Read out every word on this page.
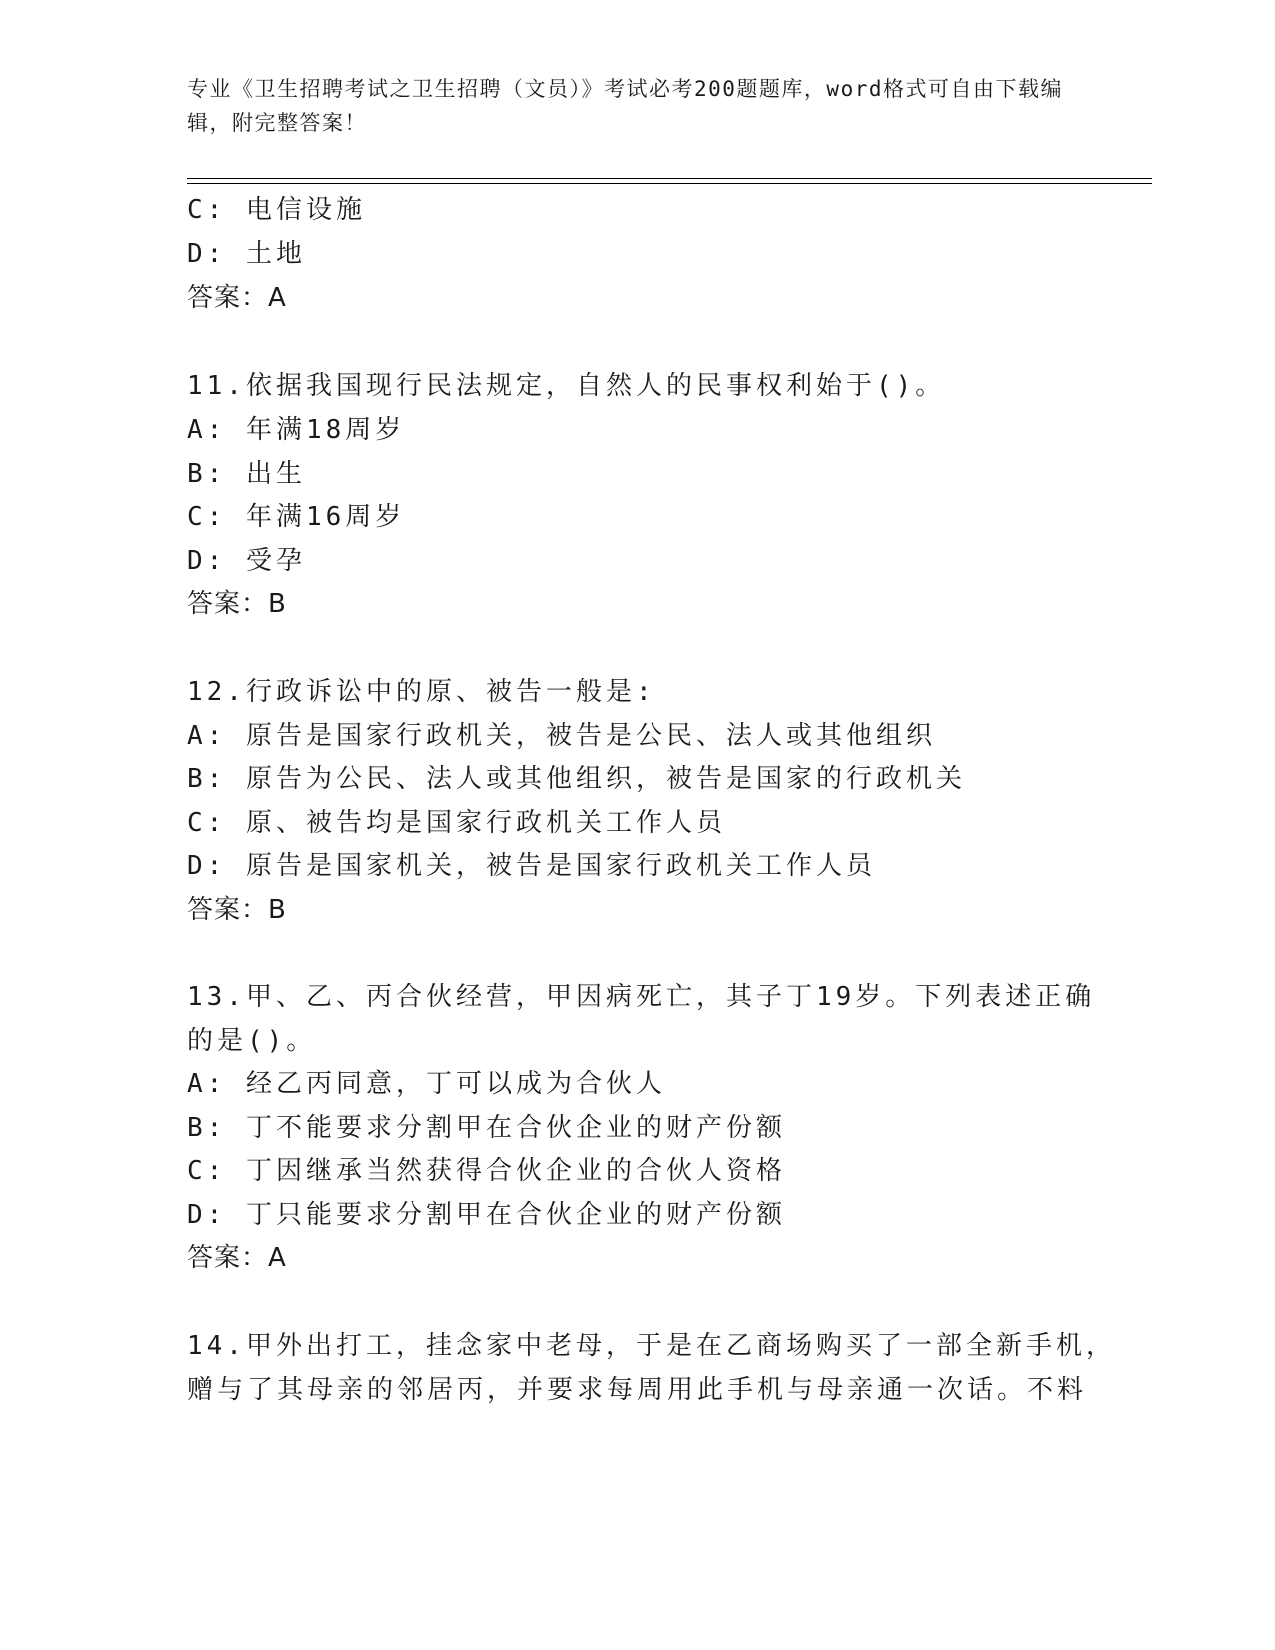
专业《卫生招聘考试之卫生招聘（文员）》考试必考200题题库，word格式可自由下载编辑，附完整答案！
C: 电信设施
D: 土地
答案：A
11.依据我国现行民法规定，自然人的民事权利始于()。
A: 年满18周岁
B: 出生
C: 年满16周岁
D: 受孕
答案：B
12.行政诉讼中的原、被告一般是:
A: 原告是国家行政机关，被告是公民、法人或其他组织
B: 原告为公民、法人或其他组织，被告是国家的行政机关
C: 原、被告均是国家行政机关工作人员
D: 原告是国家机关，被告是国家行政机关工作人员
答案：B
13.甲、乙、丙合伙经营，甲因病死亡，其子丁19岁。下列表述正确
的是()。
A: 经乙丙同意，丁可以成为合伙人
B: 丁不能要求分割甲在合伙企业的财产份额
C: 丁因继承当然获得合伙企业的合伙人资格
D: 丁只能要求分割甲在合伙企业的财产份额
答案：A
14.甲外出打工，挂念家中老母，于是在乙商场购买了一部全新手机，
赠与了其母亲的邻居丙，并要求每周用此手机与母亲通一次话。不料
